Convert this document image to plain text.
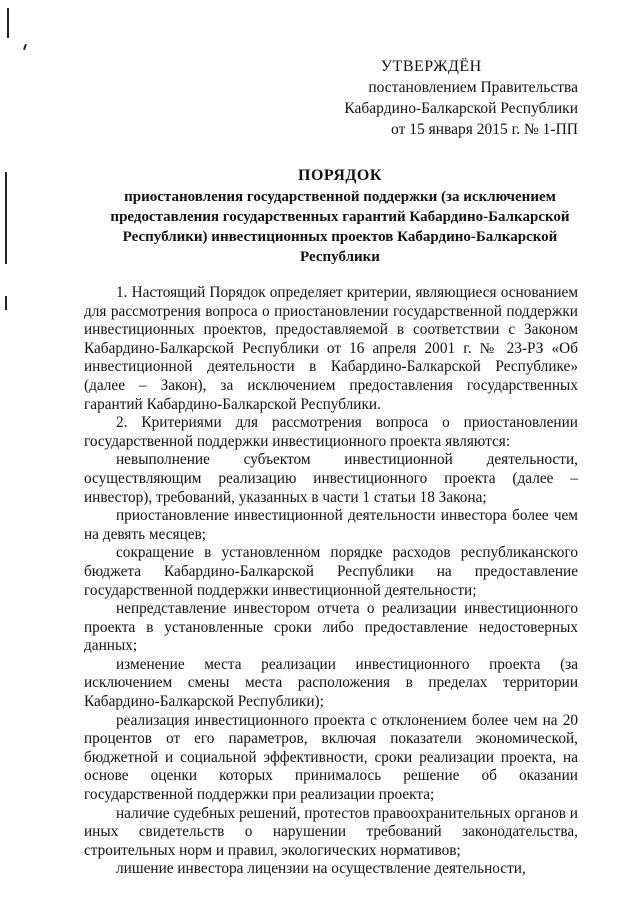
УТВЕРЖДЁН
постановлением Правительства
Кабардино-Балкарской Республики
от 15 января 2015 г. № 1-ПП
ПОРЯДОК
приостановления государственной поддержки (за исключением предоставления государственных гарантий Кабардино-Балкарской Республики) инвестиционных проектов Кабардино-Балкарской Республики

1. Настоящий Порядок определяет критерии, являющиеся основанием для рассмотрения вопроса о приостановлении государственной поддержки инвестиционных проектов, предоставляемой в соответствии с Законом Кабардино-Балкарской Республики от 16 апреля 2001 г. № 23-РЗ «Об инвестиционной деятельности в Кабардино-Балкарской Республике» (далее – Закон), за исключением предоставления государственных гарантий Кабардино-Балкарской Республики.

2. Критериями для рассмотрения вопроса о приостановлении государственной поддержки инвестиционного проекта являются:

невыполнение субъектом инвестиционной деятельности, осуществляющим реализацию инвестиционного проекта (далее – инвестор), требований, указанных в части 1 статьи 18 Закона;

приостановление инвестиционной деятельности инвестора более чем на девять месяцев;

сокращение в установленном порядке расходов республиканского бюджета Кабардино-Балкарской Республики на предоставление государственной поддержки инвестиционной деятельности;

непредставление инвестором отчета о реализации инвестиционного проекта в установленные сроки либо предоставление недостоверных данных;

изменение места реализации инвестиционного проекта (за исключением смены места расположения в пределах территории Кабардино-Балкарской Республики);

реализация инвестиционного проекта с отклонением более чем на 20 процентов от его параметров, включая показатели экономической, бюджетной и социальной эффективности, сроки реализации проекта, на основе оценки которых принималось решение об оказании государственной поддержки при реализации проекта;

наличие судебных решений, протестов правоохранительных органов и иных свидетельств о нарушении требований законодательства, строительных норм и правил, экологических нормативов;

лишение инвестора лицензии на осуществление деятельности,
